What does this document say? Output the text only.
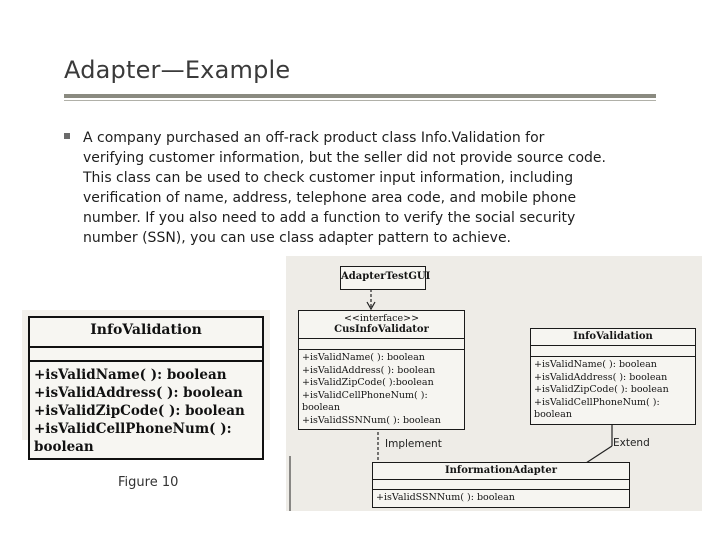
Adapter—Example
A company purchased an off-rack product class Info.Validation for
verifying customer information, but the seller did not provide source code.
This class can be used to check customer input information, including
verification of name, address, telephone area code, and mobile phone
number. If you also need to add a function to verify the social security
number (SSN), you can use class adapter pattern to achieve.
InfoValidation
+isValidName( ): boolean
+isValidAddress( ): boolean
+isValidZipCode( ): boolean
+isValidCellPhoneNum( ): boolean
Figure 10
AdapterTestGUI
<<interface>>
CusInfoValidator
+isValidName( ): boolean
+isValidAddress( ): boolean
+isValidZipCode( ):boolean
+isValidCellPhoneNum( ): boolean
+isValidSSNNum( ): boolean
InfoValidation
+isValidName( ): boolean
+isValidAddress( ): boolean
+isValidZipCode( ): boolean
+isValidCellPhoneNum( ): boolean
Implement	Extend
InformationAdapter
+isValidSSNNum( ): boolean
